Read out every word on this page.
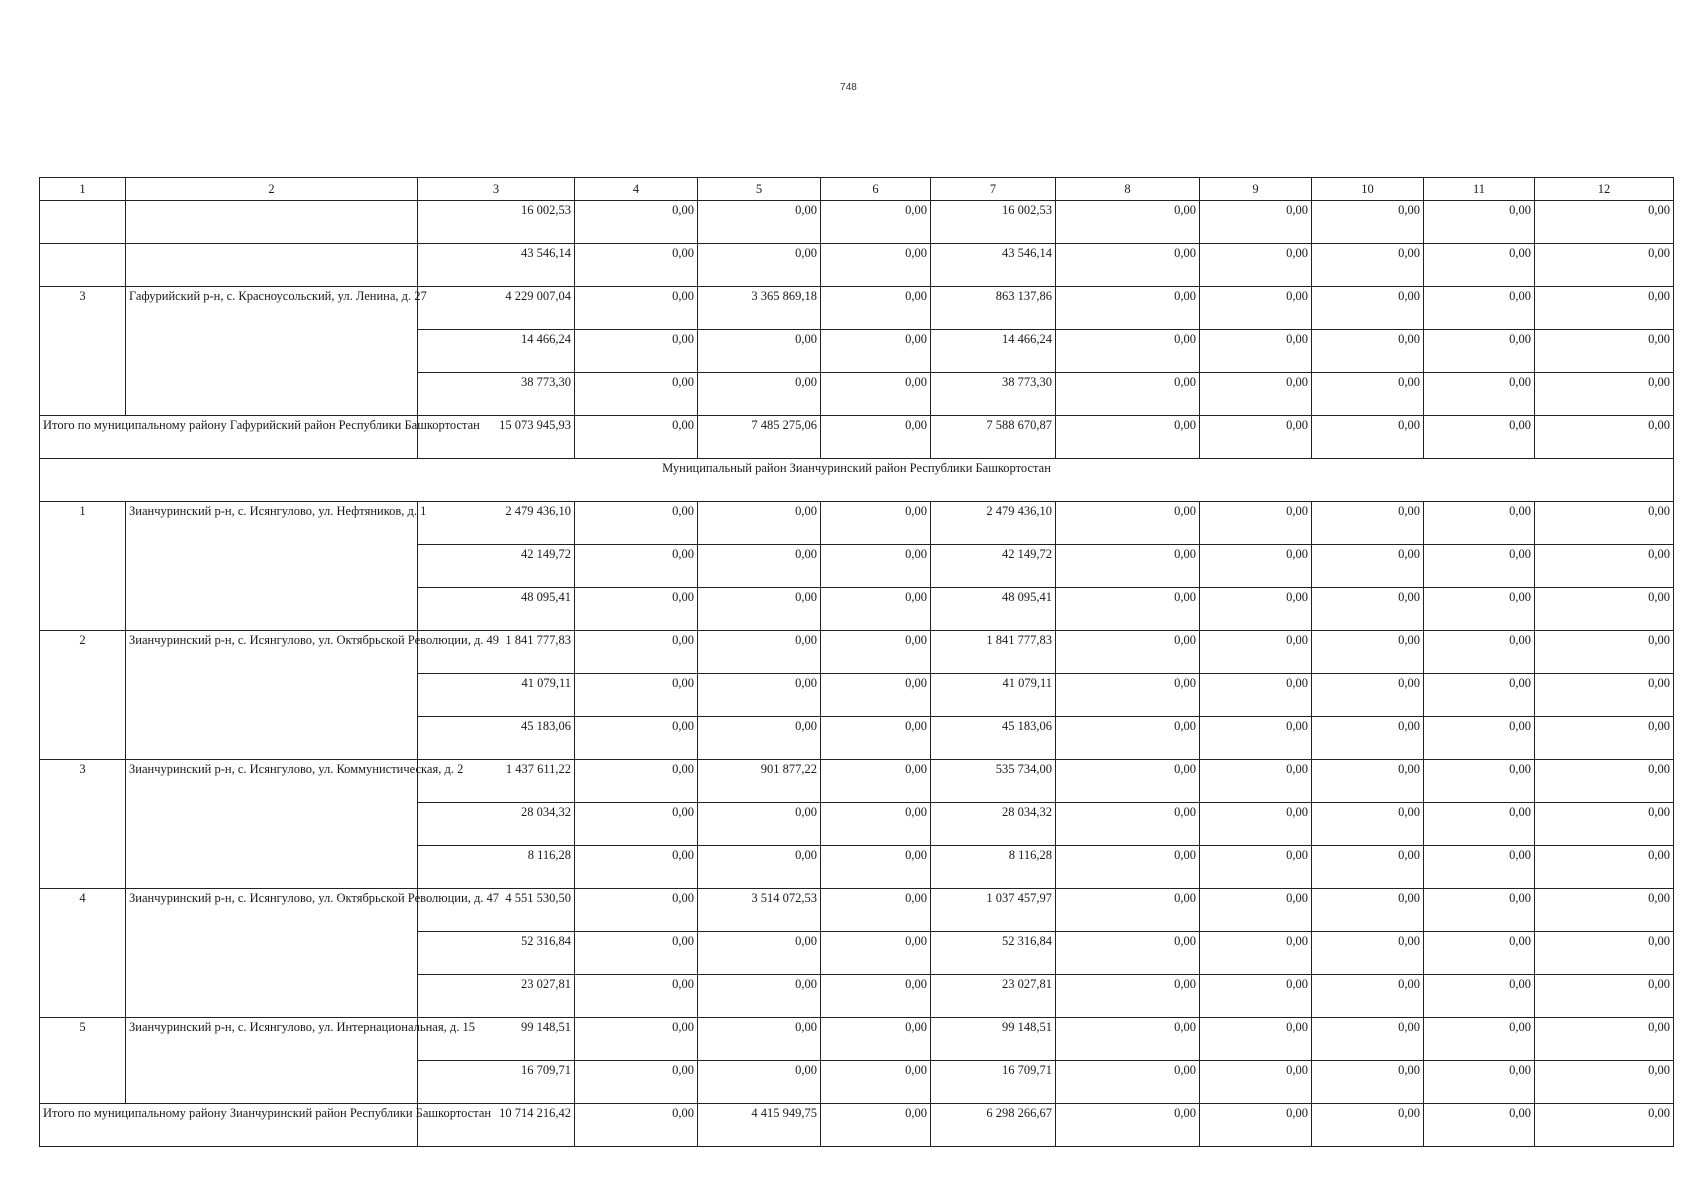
748
1	2	3	4	5	6	7	8	9	10	11	12
		16 002,53	0,00	0,00	0,00	16 002,53	0,00	0,00	0,00	0,00	0,00
		43 546,14	0,00	0,00	0,00	43 546,14	0,00	0,00	0,00	0,00	0,00
3	Гафурийский р-н, с. Красноусольский, ул. Ленина, д. 27	4 229 007,04	0,00	3 365 869,18	0,00	863 137,86	0,00	0,00	0,00	0,00	0,00
		14 466,24	0,00	0,00	0,00	14 466,24	0,00	0,00	0,00	0,00	0,00
		38 773,30	0,00	0,00	0,00	38 773,30	0,00	0,00	0,00	0,00	0,00
Итого по муниципальному району Гафурийский район Республики Башкортостан		15 073 945,93	0,00	7 485 275,06	0,00	7 588 670,87	0,00	0,00	0,00	0,00	0,00
Муниципальный район Зианчуринский район Республики Башкортостан											
1	Зианчуринский р-н, с. Исянгулово, ул. Нефтяников, д. 1	2 479 436,10	0,00	0,00	0,00	2 479 436,10	0,00	0,00	0,00	0,00	0,00
		42 149,72	0,00	0,00	0,00	42 149,72	0,00	0,00	0,00	0,00	0,00
		48 095,41	0,00	0,00	0,00	48 095,41	0,00	0,00	0,00	0,00	0,00
2	Зианчуринский р-н, с. Исянгулово, ул. Октябрьской Революции, д. 49	1 841 777,83	0,00	0,00	0,00	1 841 777,83	0,00	0,00	0,00	0,00	0,00
		41 079,11	0,00	0,00	0,00	41 079,11	0,00	0,00	0,00	0,00	0,00
		45 183,06	0,00	0,00	0,00	45 183,06	0,00	0,00	0,00	0,00	0,00
3	Зианчуринский р-н, с. Исянгулово, ул. Коммунистическая, д. 2	1 437 611,22	0,00	901 877,22	0,00	535 734,00	0,00	0,00	0,00	0,00	0,00
		28 034,32	0,00	0,00	0,00	28 034,32	0,00	0,00	0,00	0,00	0,00
		8 116,28	0,00	0,00	0,00	8 116,28	0,00	0,00	0,00	0,00	0,00
4	Зианчуринский р-н, с. Исянгулово, ул. Октябрьской Революции, д. 47	4 551 530,50	0,00	3 514 072,53	0,00	1 037 457,97	0,00	0,00	0,00	0,00	0,00
		52 316,84	0,00	0,00	0,00	52 316,84	0,00	0,00	0,00	0,00	0,00
		23 027,81	0,00	0,00	0,00	23 027,81	0,00	0,00	0,00	0,00	0,00
5	Зианчуринский р-н, с. Исянгулово, ул. Интернациональная, д. 15	99 148,51	0,00	0,00	0,00	99 148,51	0,00	0,00	0,00	0,00	0,00
		16 709,71	0,00	0,00	0,00	16 709,71	0,00	0,00	0,00	0,00	0,00
Итого по муниципальному району Зианчуринский район Республики Башкортостан		10 714 216,42	0,00	4 415 949,75	0,00	6 298 266,67	0,00	0,00	0,00	0,00	0,00
